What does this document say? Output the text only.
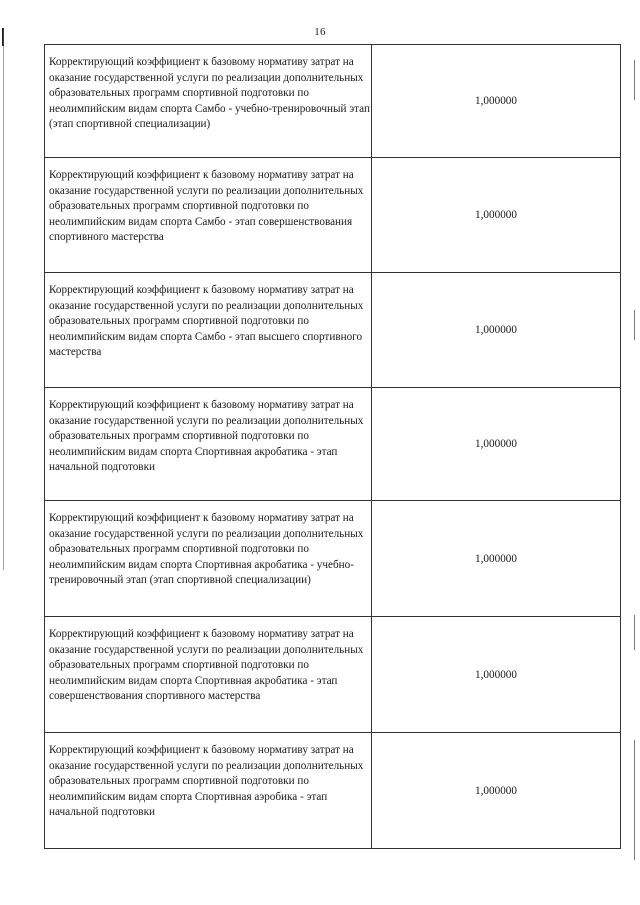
16
Корректирующий коэффициент к базовому нормативу затрат на оказание государственной услуги по реализации дополнительных образовательных программ спортивной подготовки по неолимпийским видам спорта Самбо - учебно-тренировочный этап (этап спортивной специализации)	1,000000
Корректирующий коэффициент к базовому нормативу затрат на оказание государственной услуги по реализации дополнительных образовательных программ спортивной подготовки по неолимпийским видам спорта Самбо - этап совершенствования спортивного мастерства	1,000000
Корректирующий коэффициент к базовому нормативу затрат на оказание государственной услуги по реализации дополнительных образовательных программ спортивной подготовки по неолимпийским видам спорта Самбо - этап высшего спортивного мастерства	1,000000
Корректирующий коэффициент к базовому нормативу затрат на оказание государственной услуги по реализации дополнительных образовательных программ спортивной подготовки по неолимпийским видам спорта Спортивная акробатика - этап начальной подготовки	1,000000
Корректирующий коэффициент к базовому нормативу затрат на оказание государственной услуги по реализации дополнительных образовательных программ спортивной подготовки по неолимпийским видам спорта Спортивная акробатика - учебно-тренировочный этап (этап спортивной специализации)	1,000000
Корректирующий коэффициент к базовому нормативу затрат на оказание государственной услуги по реализации дополнительных образовательных программ спортивной подготовки по неолимпийским видам спорта Спортивная акробатика - этап совершенствования спортивного мастерства	1,000000
Корректирующий коэффициент к базовому нормативу затрат на оказание государственной услуги по реализации дополнительных образовательных программ спортивной подготовки по неолимпийским видам спорта Спортивная аэробика - этап начальной подготовки	1,000000
